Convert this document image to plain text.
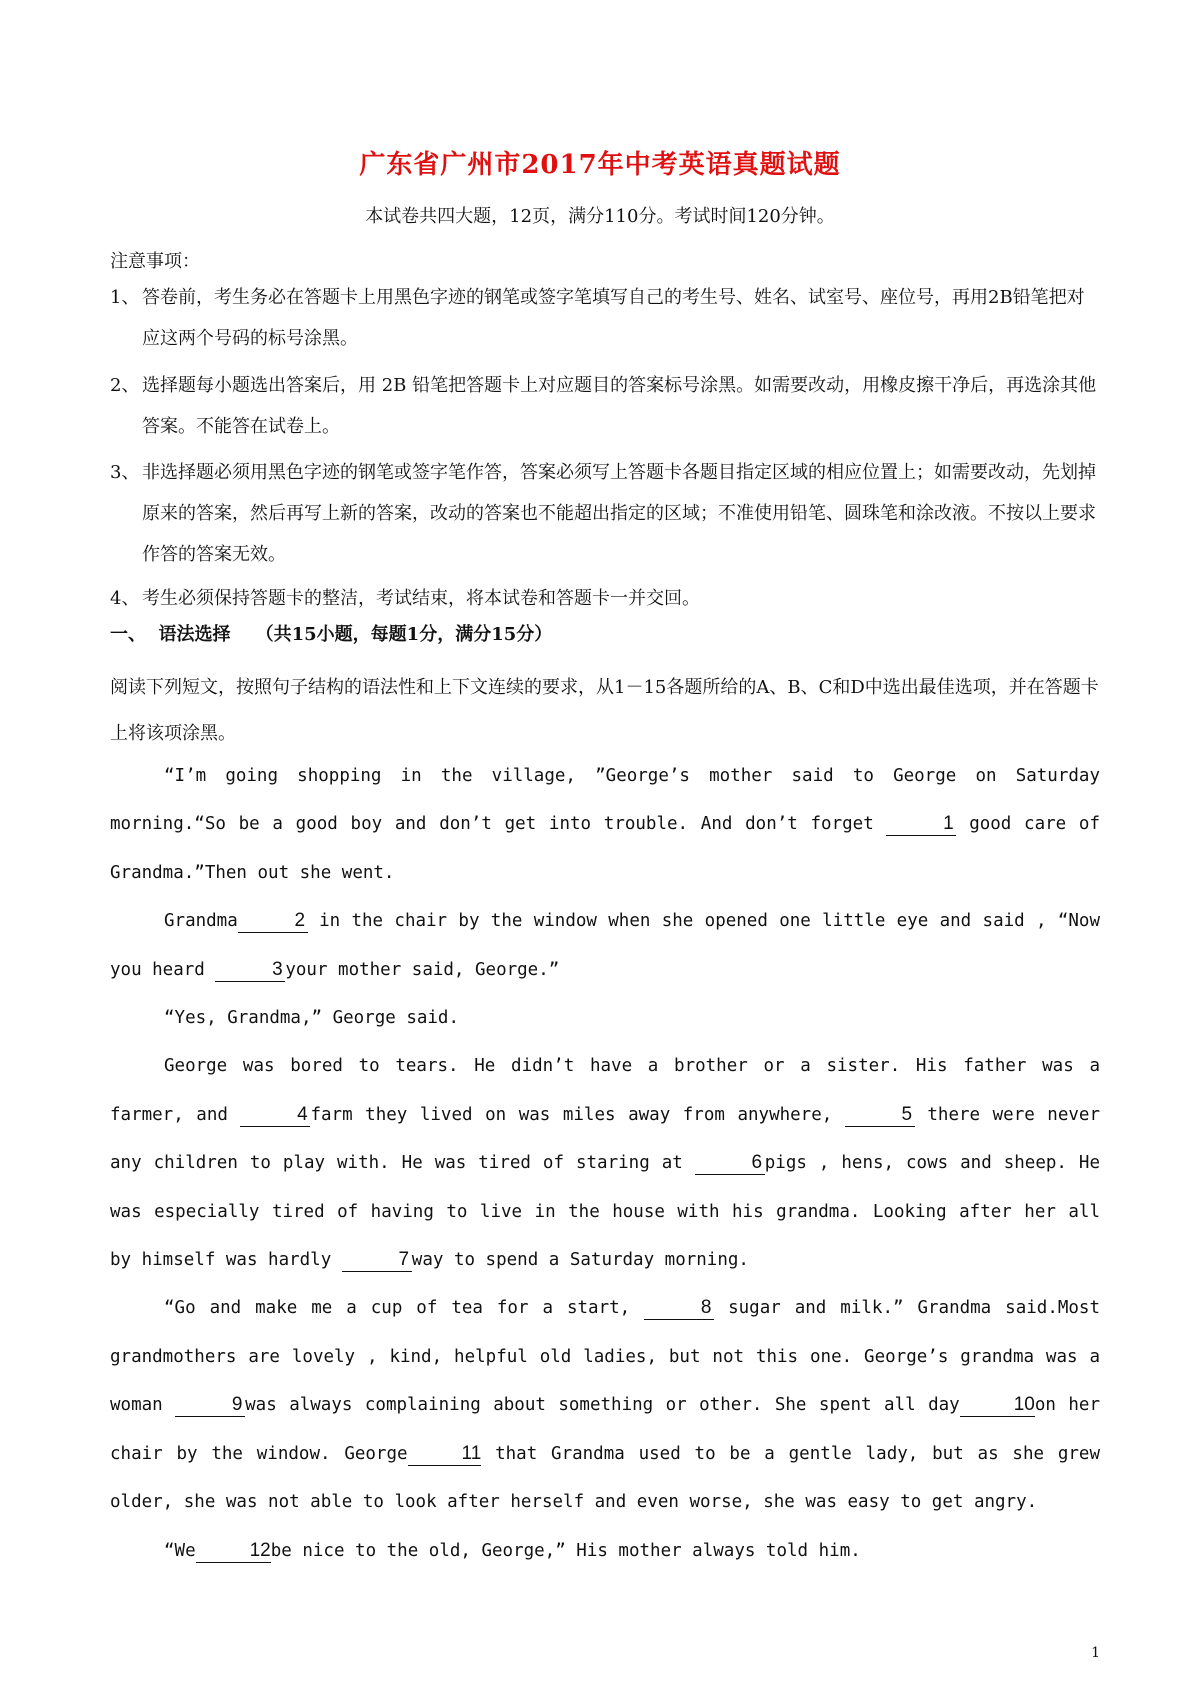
广东省广州市2017年中考英语真题试题
本试卷共四大题，12页，满分110分。考试时间120分钟。
注意事项：
1、 答卷前，考生务必在答题卡上用黑色字迹的钢笔或签字笔填写自己的考生号、姓名、试室号、座位号，再用2B铅笔把对应这两个号码的标号涂黑。
2、 选择题每小题选出答案后，用 2B 铅笔把答题卡上对应题目的答案标号涂黑。如需要改动，用橡皮擦干净后，再选涂其他答案。不能答在试卷上。
3、 非选择题必须用黑色字迹的钢笔或签字笔作答，答案必须写上答题卡各题目指定区域的相应位置上；如需要改动，先划掉原来的答案，然后再写上新的答案，改动的答案也不能超出指定的区域；不准使用铅笔、圆珠笔和涂改液。不按以上要求作答的答案无效。
4、 考生必须保持答题卡的整洁，考试结束，将本试卷和答题卡一并交回。
一、 语法选择 （共15小题，每题1分，满分15分）
阅读下列短文，按照句子结构的语法性和上下文连续的要求，从1－15各题所给的A、B、C和D中选出最佳选项，并在答题卡上将该项涂黑。

“I’m going shopping in the village, ”George’s mother said to George on Saturday morning.“So be a good boy and don’t get into trouble. And don’t forget	1 good care of Grandma.”Then out she went.

Grandma	2 in the chair by the window when she opened one little eye and said , “Now you heard	3 your mother said, George.”

“Yes, Grandma,” George said.

George was bored to tears. He didn’t have a brother or a sister. His father was a farmer, and	4 farm they lived on was miles away from anywhere,	5 there were never any children to play with. He was tired of staring at	6 pigs , hens, cows and sheep. He was especially tired of having to live in the house with his grandma. Looking after her all by himself was hardly	7 way to spend a Saturday morning.

“Go and make me a cup of tea for a start,	8 sugar and milk.” Grandma said.Most grandmothers are lovely , kind, helpful old ladies, but not this one. George’s grandma was a woman	9 was always complaining about something or other. She spent all day	10on her chair by the window. George	11 that Grandma used to be a gentle lady, but as she grew older, she was not able to look after herself and even worse, she was easy to get angry.

“We	12be nice to the old, George,” His mother always told him.

1
